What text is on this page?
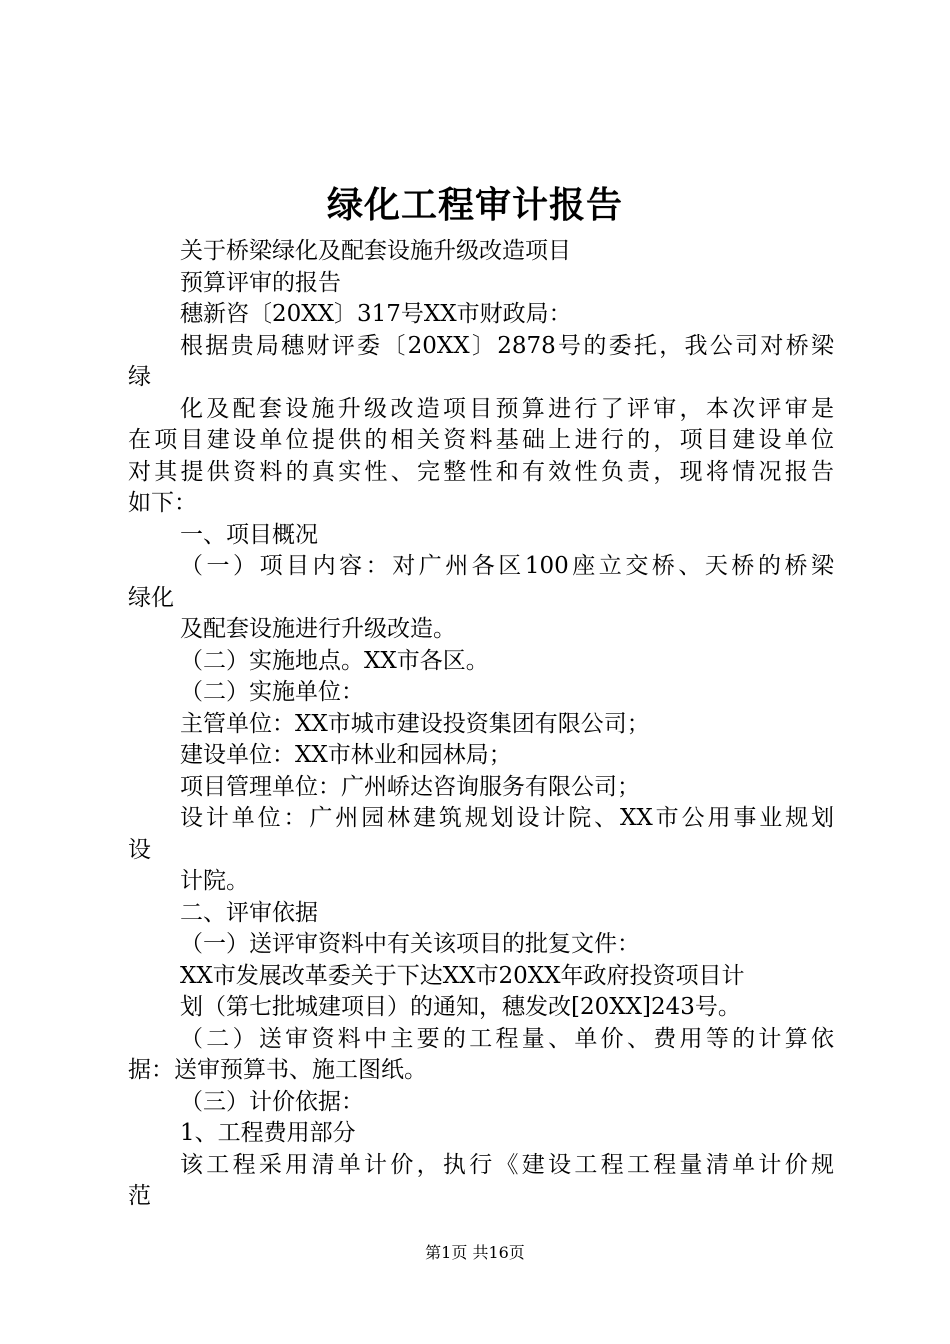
绿化工程审计报告
关于桥梁绿化及配套设施升级改造项目
预算评审的报告
穗新咨〔20XX〕317号XX市财政局：
根据贵局穗财评委〔20XX〕2878号的委托，我公司对桥梁
绿
化及配套设施升级改造项目预算进行了评审，本次评审是
在项目建设单位提供的相关资料基础上进行的，项目建设单位
对其提供资料的真实性、完整性和有效性负责，现将情况报告
如下：
一、项目概况
（一）项目内容：对广州各区100座立交桥、天桥的桥梁
绿化
及配套设施进行升级改造。
（二）实施地点。XX市各区。
（二）实施单位：
主管单位：XX市城市建设投资集团有限公司；
建设单位：XX市林业和园林局；
项目管理单位：广州峤达咨询服务有限公司；
设计单位：广州园林建筑规划设计院、XX市公用事业规划
设
计院。
二、评审依据
（一）送评审资料中有关该项目的批复文件：
XX市发展改革委关于下达XX市20XX年政府投资项目计
划（第七批城建项目）的通知，穗发改[20XX]243号。
（二）送审资料中主要的工程量、单价、费用等的计算依
据：送审预算书、施工图纸。
（三）计价依据：
1、工程费用部分
该工程采用清单计价，执行《建设工程工程量清单计价规
范
第1页 共16页
